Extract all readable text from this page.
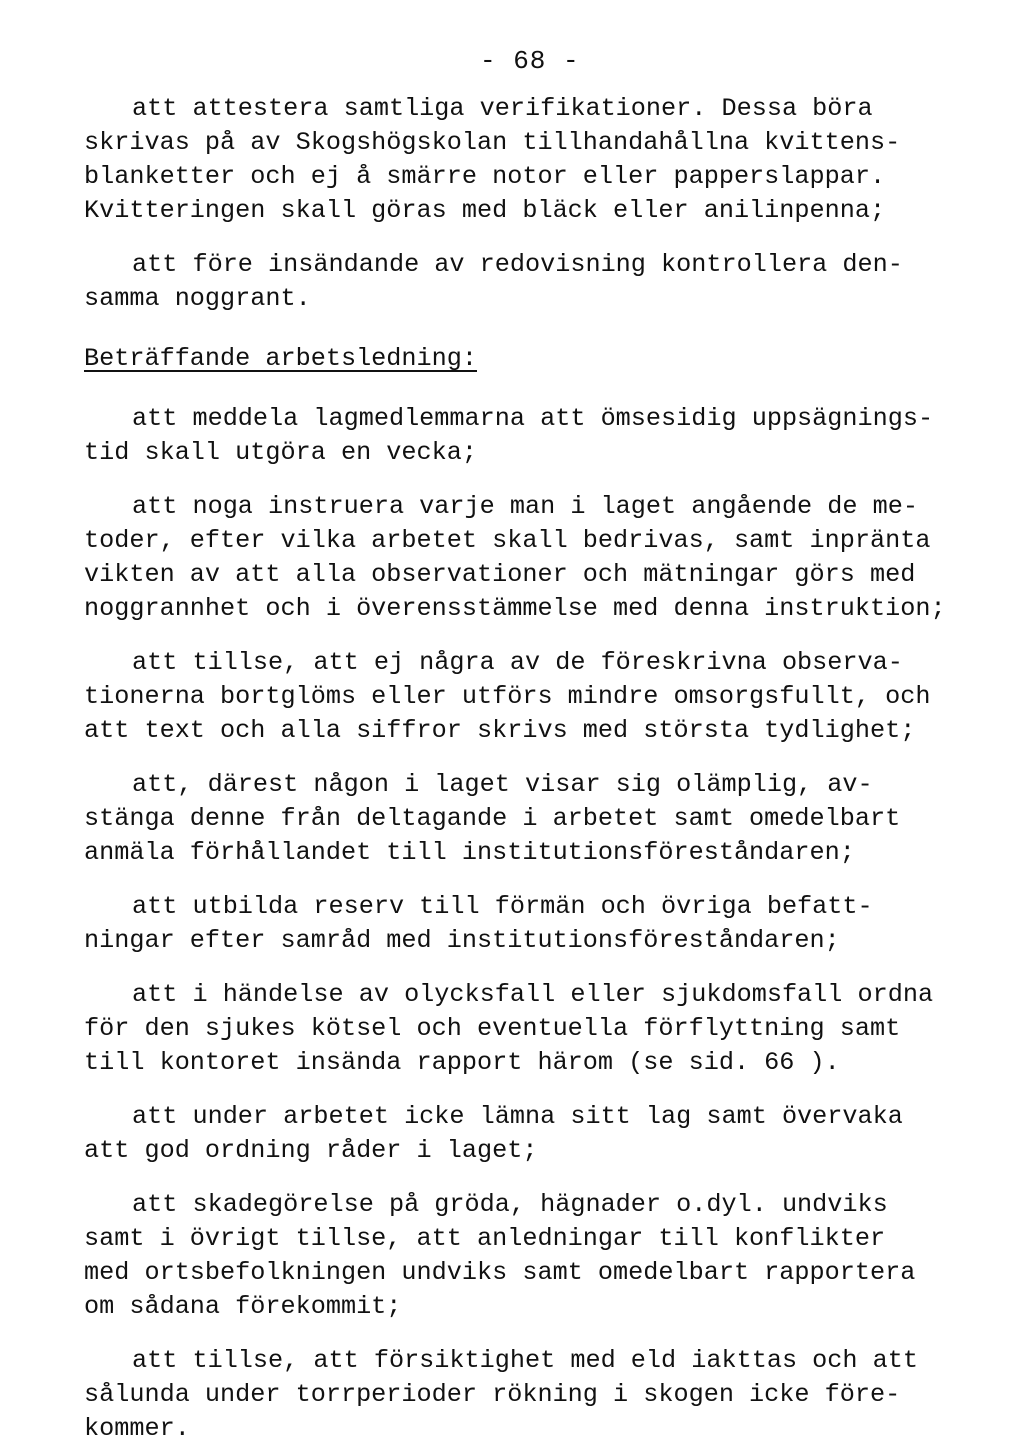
- 68 -
att attestera samtliga verifikationer. Dessa böra
skrivas på av Skogshögskolan tillhandahållna kvittens-
blanketter och ej å smärre notor eller papperslappar.
Kvitteringen skall göras med bläck eller anilinpenna;
att före insändande av redovisning kontrollera den-
samma noggrant.
Beträffande arbetsledning:
att meddela lagmedlemmarna att ömsesidig uppsägnings-
tid skall utgöra en vecka;
att noga instruera varje man i laget angående de me-
toder, efter vilka arbetet skall bedrivas, samt inpränta
vikten av att alla observationer och mätningar görs med
noggrannhet och i överensstämmelse med denna instruktion;
att tillse, att ej några av de föreskrivna observa-
tionerna bortglöms eller utförs mindre omsorgsfullt, och
att text och alla siffror skrivs med största tydlighet;
att, därest någon i laget visar sig olämplig, av-
stänga denne från deltagande i arbetet samt omedelbart
anmäla förhållandet till institutionsföreståndaren;
att utbilda reserv till förmän och övriga befatt-
ningar efter samråd med institutionsföreståndaren;
att i händelse av olycksfall eller sjukdomsfall ordna
för den sjukes kötsel och eventuella förflyttning samt
till kontoret insända rapport härom (se sid. 66 ).
att under arbetet icke lämna sitt lag samt övervaka
att god ordning råder i laget;
att skadegörelse på gröda, hägnader o.dyl. undviks
samt i övrigt tillse, att anledningar till konflikter
med ortsbefolkningen undviks samt omedelbart rapportera
om sådana förekommit;
att tillse, att försiktighet med eld iakttas och att
sålunda under torrperioder rökning i skogen icke före-
kommer.
